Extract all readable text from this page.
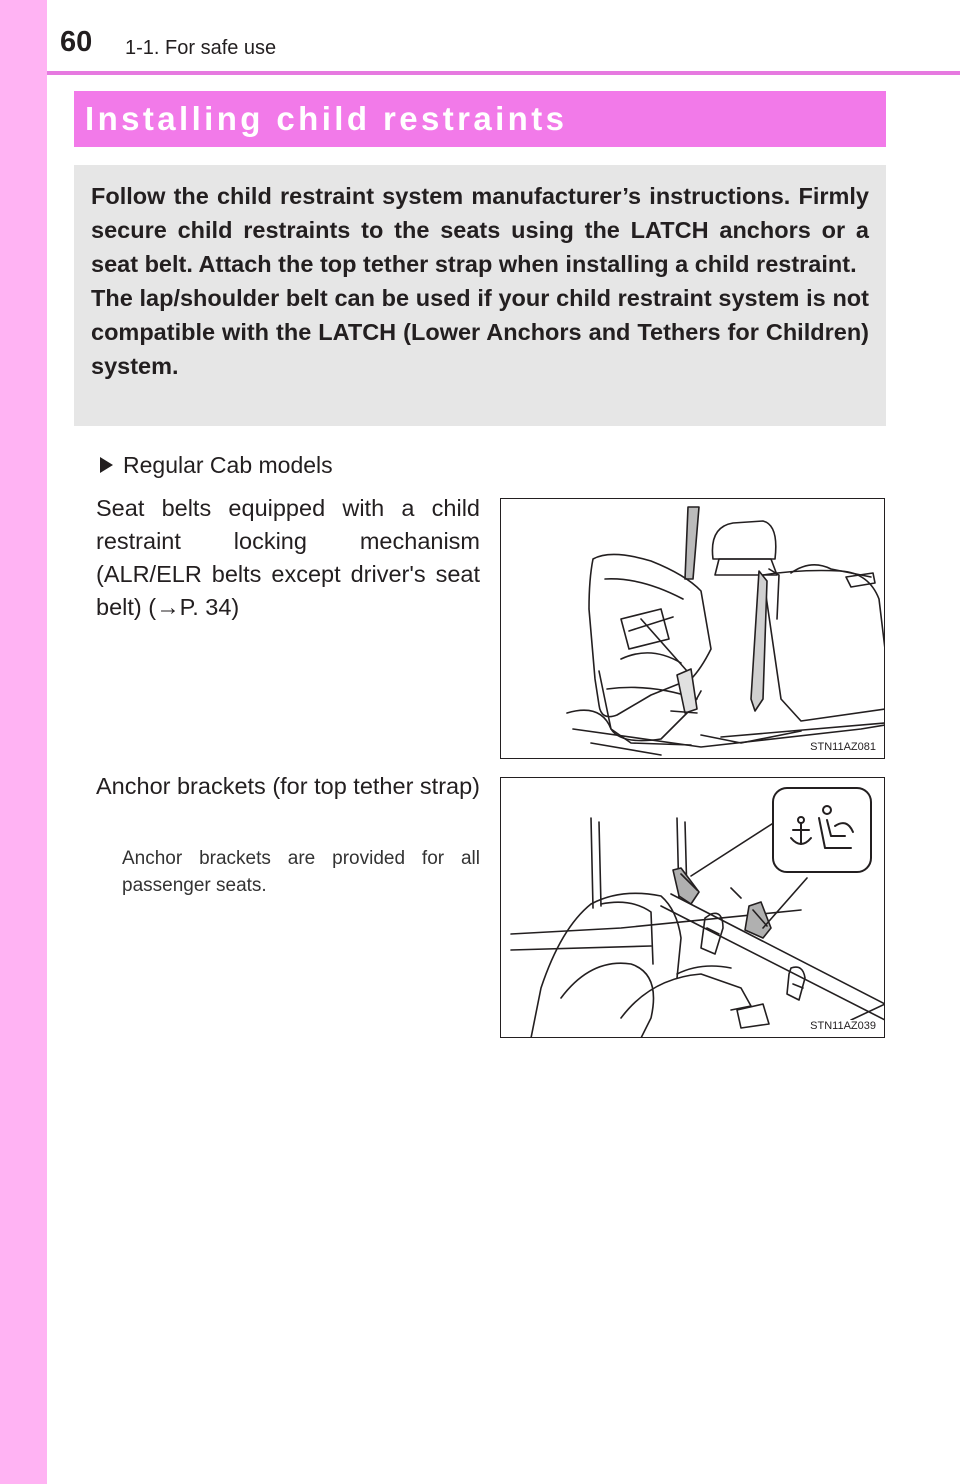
60 1-1. For safe use
Installing child restraints

Follow the child restraint system manufacturer’s instructions. Firmly secure child restraints to the seats using the LATCH anchors or a seat belt. Attach the top tether strap when installing a child restraint.

The lap/shoulder belt can be used if your child restraint system is not compatible with the LATCH (Lower Anchors and Tethers for Children) system.

Regular Cab models

Seat belts equipped with a child restraint locking mechanism (ALR/ELR belts except driver's seat belt) (→P. 34)

STN11AZ081

Anchor brackets (for top tether strap)

Anchor brackets are provided for all passenger seats.

STN11AZ039
